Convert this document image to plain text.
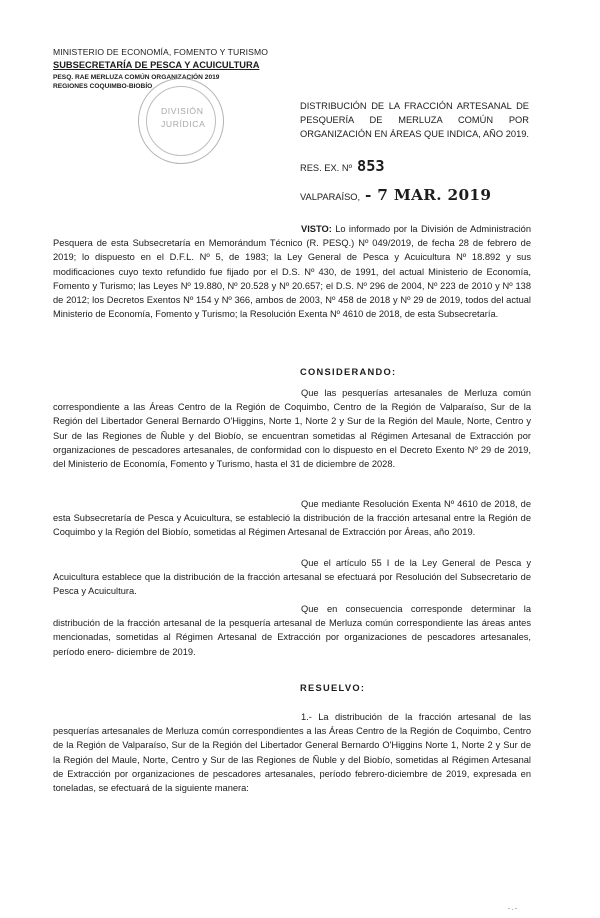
MINISTERIO DE ECONOMÍA, FOMENTO Y TURISMO
SUBSECRETARÍA DE PESCA Y ACUICULTURA
PESQ. RAE MERLUZA COMÚN ORGANIZACIÓN 2019
REGIONES COQUIMBO-BIOBÍO
DIVISIÓN
JURÍDICA
DISTRIBUCIÓN DE LA FRACCIÓN ARTESANAL DE PESQUERÍA DE MERLUZA COMÚN POR ORGANIZACIÓN EN ÁREAS QUE INDICA, AÑO 2019.
RES. EX. Nº 853
VALPARAÍSO, - 7 MAR. 2019
VISTO: Lo informado por la División de Administración Pesquera de esta Subsecretaría en Memorándum Técnico (R. PESQ.) Nº 049/2019, de fecha 28 de febrero de 2019; lo dispuesto en el D.F.L. Nº 5, de 1983; la Ley General de Pesca y Acuicultura Nº 18.892 y sus modificaciones cuyo texto refundido fue fijado por el D.S. Nº 430, de 1991, del actual Ministerio de Economía, Fomento y Turismo; las Leyes Nº 19.880, Nº 20.528 y Nº 20.657; el D.S. Nº 296 de 2004, Nº 223 de 2010 y Nº 138 de 2012; los Decretos Exentos Nº 154 y Nº 366, ambos de 2003, Nº 458 de 2018 y Nº 29 de 2019, todos del actual Ministerio de Economía, Fomento y Turismo; la Resolución Exenta Nº 4610 de 2018, de esta Subsecretaría.
CONSIDERANDO:
Que las pesquerías artesanales de Merluza común correspondiente a las Áreas Centro de la Región de Coquimbo, Centro de la Región de Valparaíso, Sur de la Región del Libertador General Bernardo O'Higgins, Norte 1, Norte 2 y Sur de la Región del Maule, Norte, Centro y Sur de las Regiones de Ñuble y del Biobío, se encuentran sometidas al Régimen Artesanal de Extracción por organizaciones de pescadores artesanales, de conformidad con lo dispuesto en el Decreto Exento Nº 29 de 2019, del Ministerio de Economía, Fomento y Turismo, hasta el 31 de diciembre de 2028.
Que mediante Resolución Exenta Nº 4610 de 2018, de esta Subsecretaría de Pesca y Acuicultura, se estableció la distribución de la fracción artesanal entre la Región de Coquimbo y la Región del Biobío, sometidas al Régimen Artesanal de Extracción por Áreas, año 2019.
Que el artículo 55 I de la Ley General de Pesca y Acuicultura establece que la distribución de la fracción artesanal se efectuará por Resolución del Subsecretario de Pesca y Acuicultura.
Que en consecuencia corresponde determinar la distribución de la fracción artesanal de la pesquería artesanal de Merluza común correspondiente las áreas antes mencionadas, sometidas al Régimen Artesanal de Extracción por organizaciones de pescadores artesanales, período enero- diciembre de 2019.
RESUELVO:
1.- La distribución de la fracción artesanal de las pesquerías artesanales de Merluza común correspondientes a las Áreas Centro de la Región de Coquimbo, Centro de la Región de Valparaíso, Sur de la Región del Libertador General Bernardo O'Higgins Norte 1, Norte 2 y Sur de la Región del Maule, Norte, Centro y Sur de las Regiones de Ñuble y del Biobío, sometidas al Régimen Artesanal de Extracción por organizaciones de pescadores artesanales, período febrero-diciembre de 2019, expresada en toneladas, se efectuará de la siguiente manera:
- . -
